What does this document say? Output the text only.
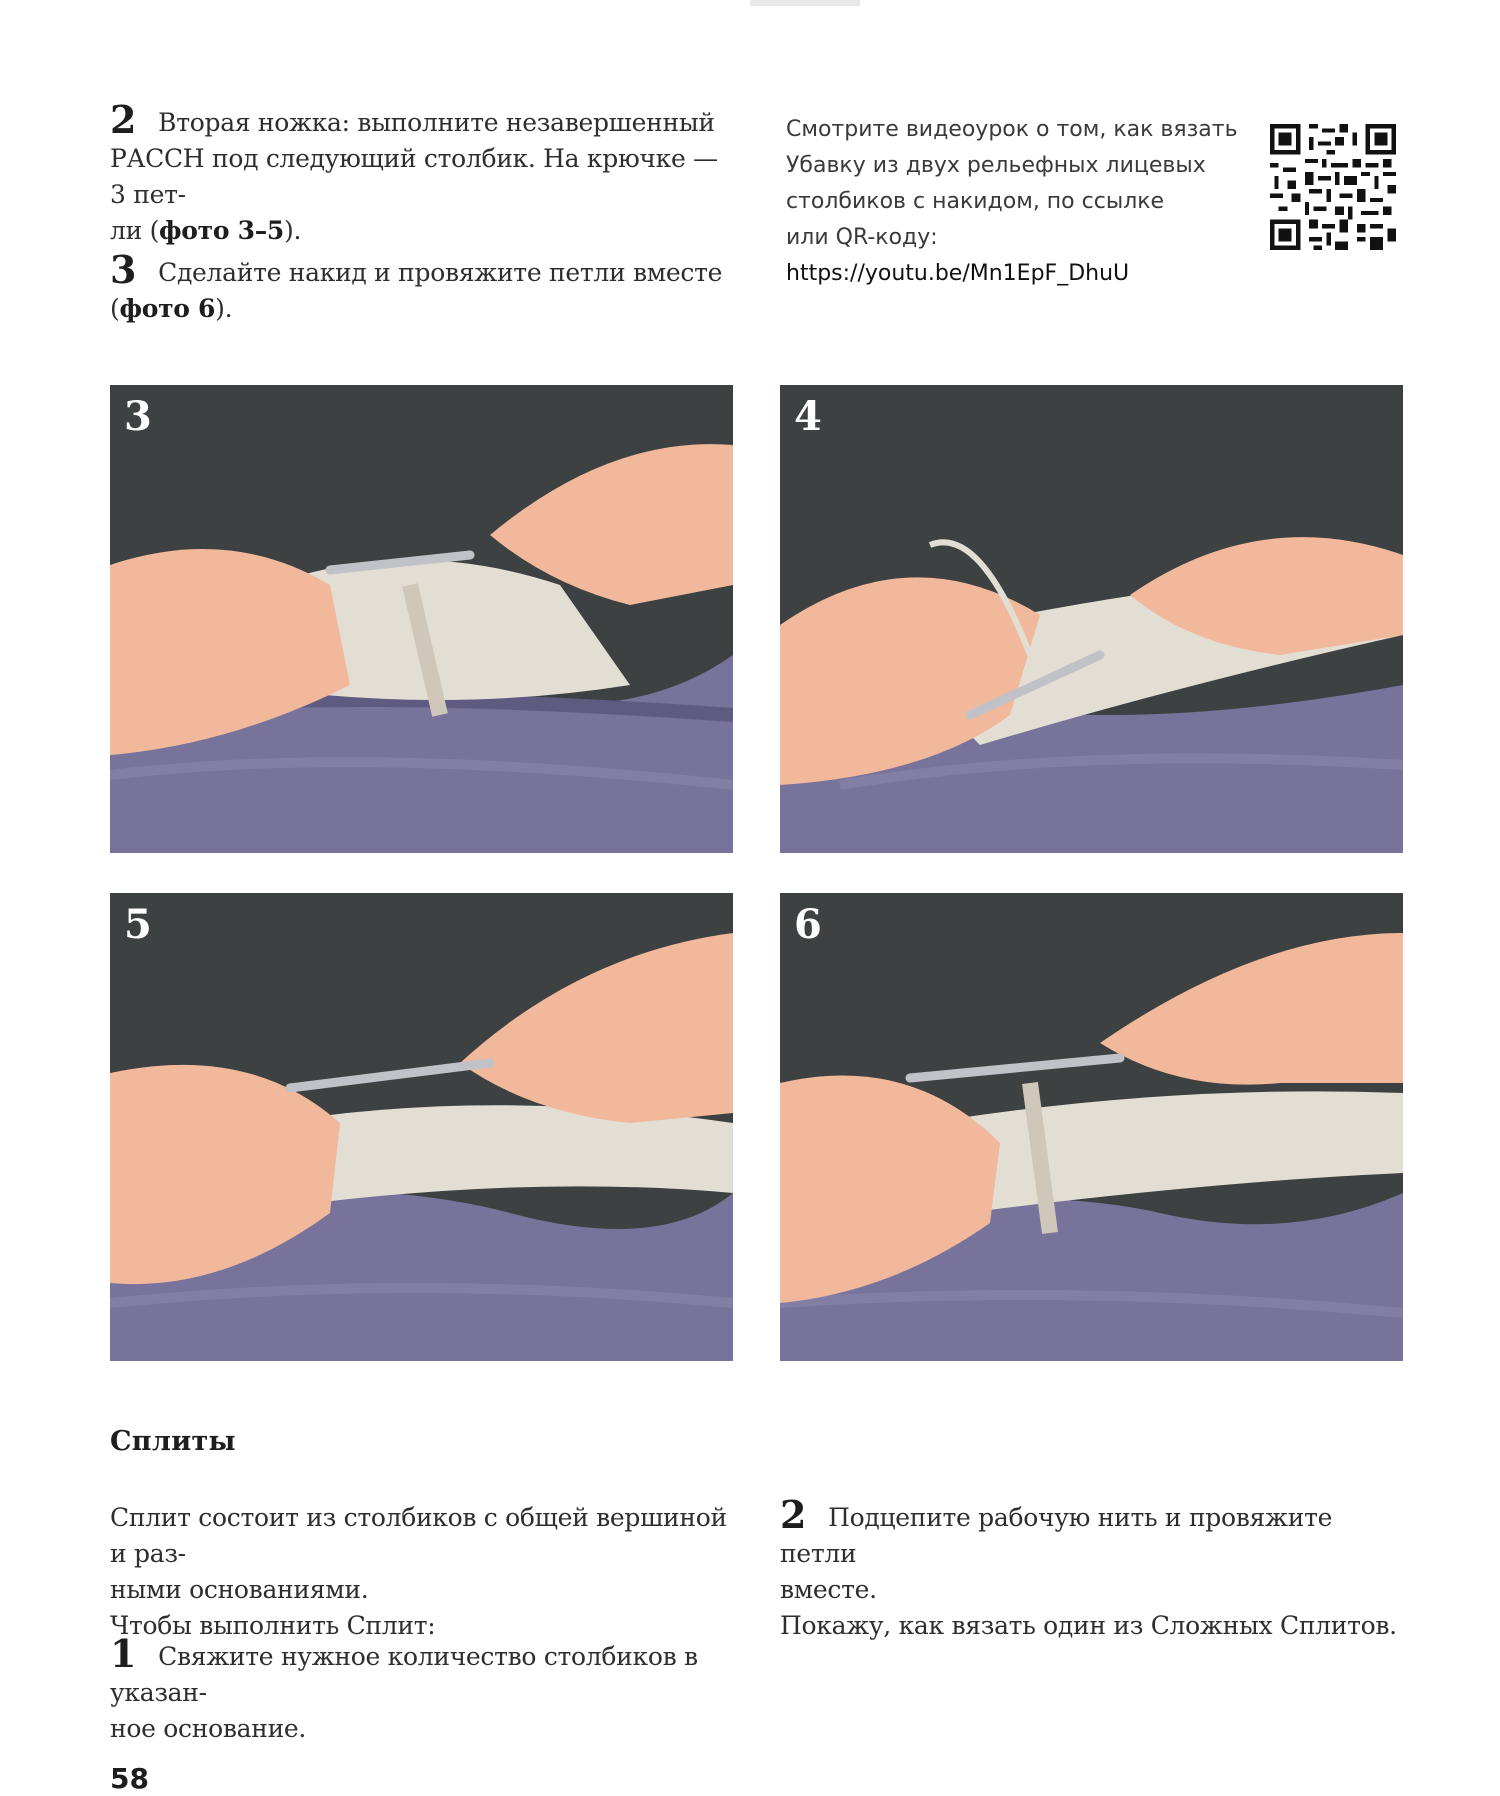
2 Вторая ножка: выполните незавершенный
РАССН под следующий столбик. На крючке — 3 пет-
ли (фото 3–5).
3 Сделайте накид и провяжите петли вместе
(фото 6).
Смотрите видеоурок о том, как вязать
Убавку из двух рельефных лицевых
столбиков с накидом, по ссылке
или QR-коду:
https://youtu.be/Mn1EpF_DhuU
3	4
5	6
Сплиты
Сплит состоит из столбиков с общей вершиной и раз-
ными основаниями.
Чтобы выполнить Сплит:
1 Свяжите нужное количество столбиков в указан-
ное основание.
2 Подцепите рабочую нить и провяжите петли
вместе.
Покажу, как вязать один из Сложных Сплитов.
58
